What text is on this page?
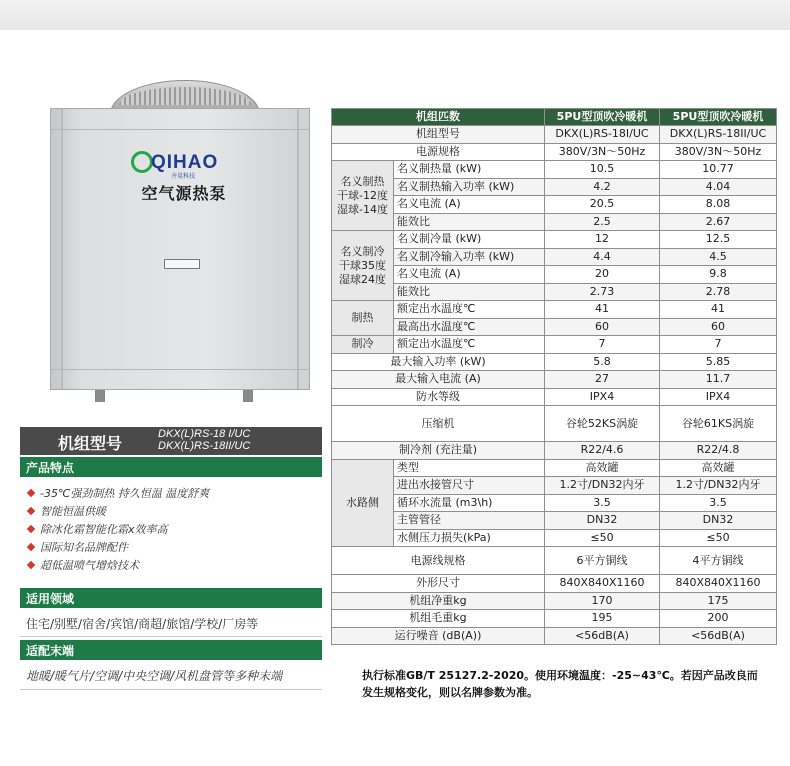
QIHAO
齐昊科技
空气源热泵
机组型号	DKX(L)RS-18 I/UC
DKX(L)RS-18II/UC
产品特点
-35℃强劲制热 持久恒温 温度舒爽
智能恒温供暖
除冰化霜智能化霜x效率高
国际知名品牌配件
超低温喷气增焓技术
适用领域
住宅/别墅/宿舍/宾馆/商超/旅馆/学校/厂房等
适配末端
地暖/暖气片/空调/中央空调/风机盘管等多种末端
机组匹数		5PU型顶吹冷暖机	5PU型顶吹冷暖机
机组型号		DKX(L)RS-18I/UC	DKX(L)RS-18II/UC
电源规格		380V/3N～50Hz	380V/3N～50Hz
名义制热
干球-12度
湿球-14度	名义制热量 (kW)	10.5	10.77
	名义制热输入功率 (kW)	4.2	4.04
	名义电流 (A)	20.5	8.08
	能效比	2.5	2.67
名义制冷
干球35度
湿球24度	名义制冷量 (kW)	12	12.5
	名义制冷输入功率 (kW)	4.4	4.5
	名义电流 (A)	20	9.8
	能效比	2.73	2.78
制热	额定出水温度℃	41	41
	最高出水温度℃	60	60
制冷	额定出水温度℃	7	7
最大输入功率 (kW)		5.8	5.85
最大输入电流 (A)		27	11.7
防水等级		IPX4	IPX4
压缩机		谷轮52KS涡旋	谷轮61KS涡旋
制冷剂 (充注量)		R22/4.6	R22/4.8
水路侧	类型	高效罐	高效罐
	进出水接管尺寸	1.2寸/DN32内牙	1.2寸/DN32内牙
	循环水流量 (m3\h)	3.5	3.5
	主管管径	DN32	DN32
	水侧压力损失(kPa)	≤50	≤50
电源线规格		6平方铜线	4平方铜线
外形尺寸		840X840X1160	840X840X1160
机组净重kg		170	175
机组毛重kg		195	200
运行噪音 (dB(A))		<56dB(A)	<56dB(A)
执行标准GB/T 25127.2-2020。使用环境温度：-25~43℃。若因产品改良而发生规格变化，则以名牌参数为准。
